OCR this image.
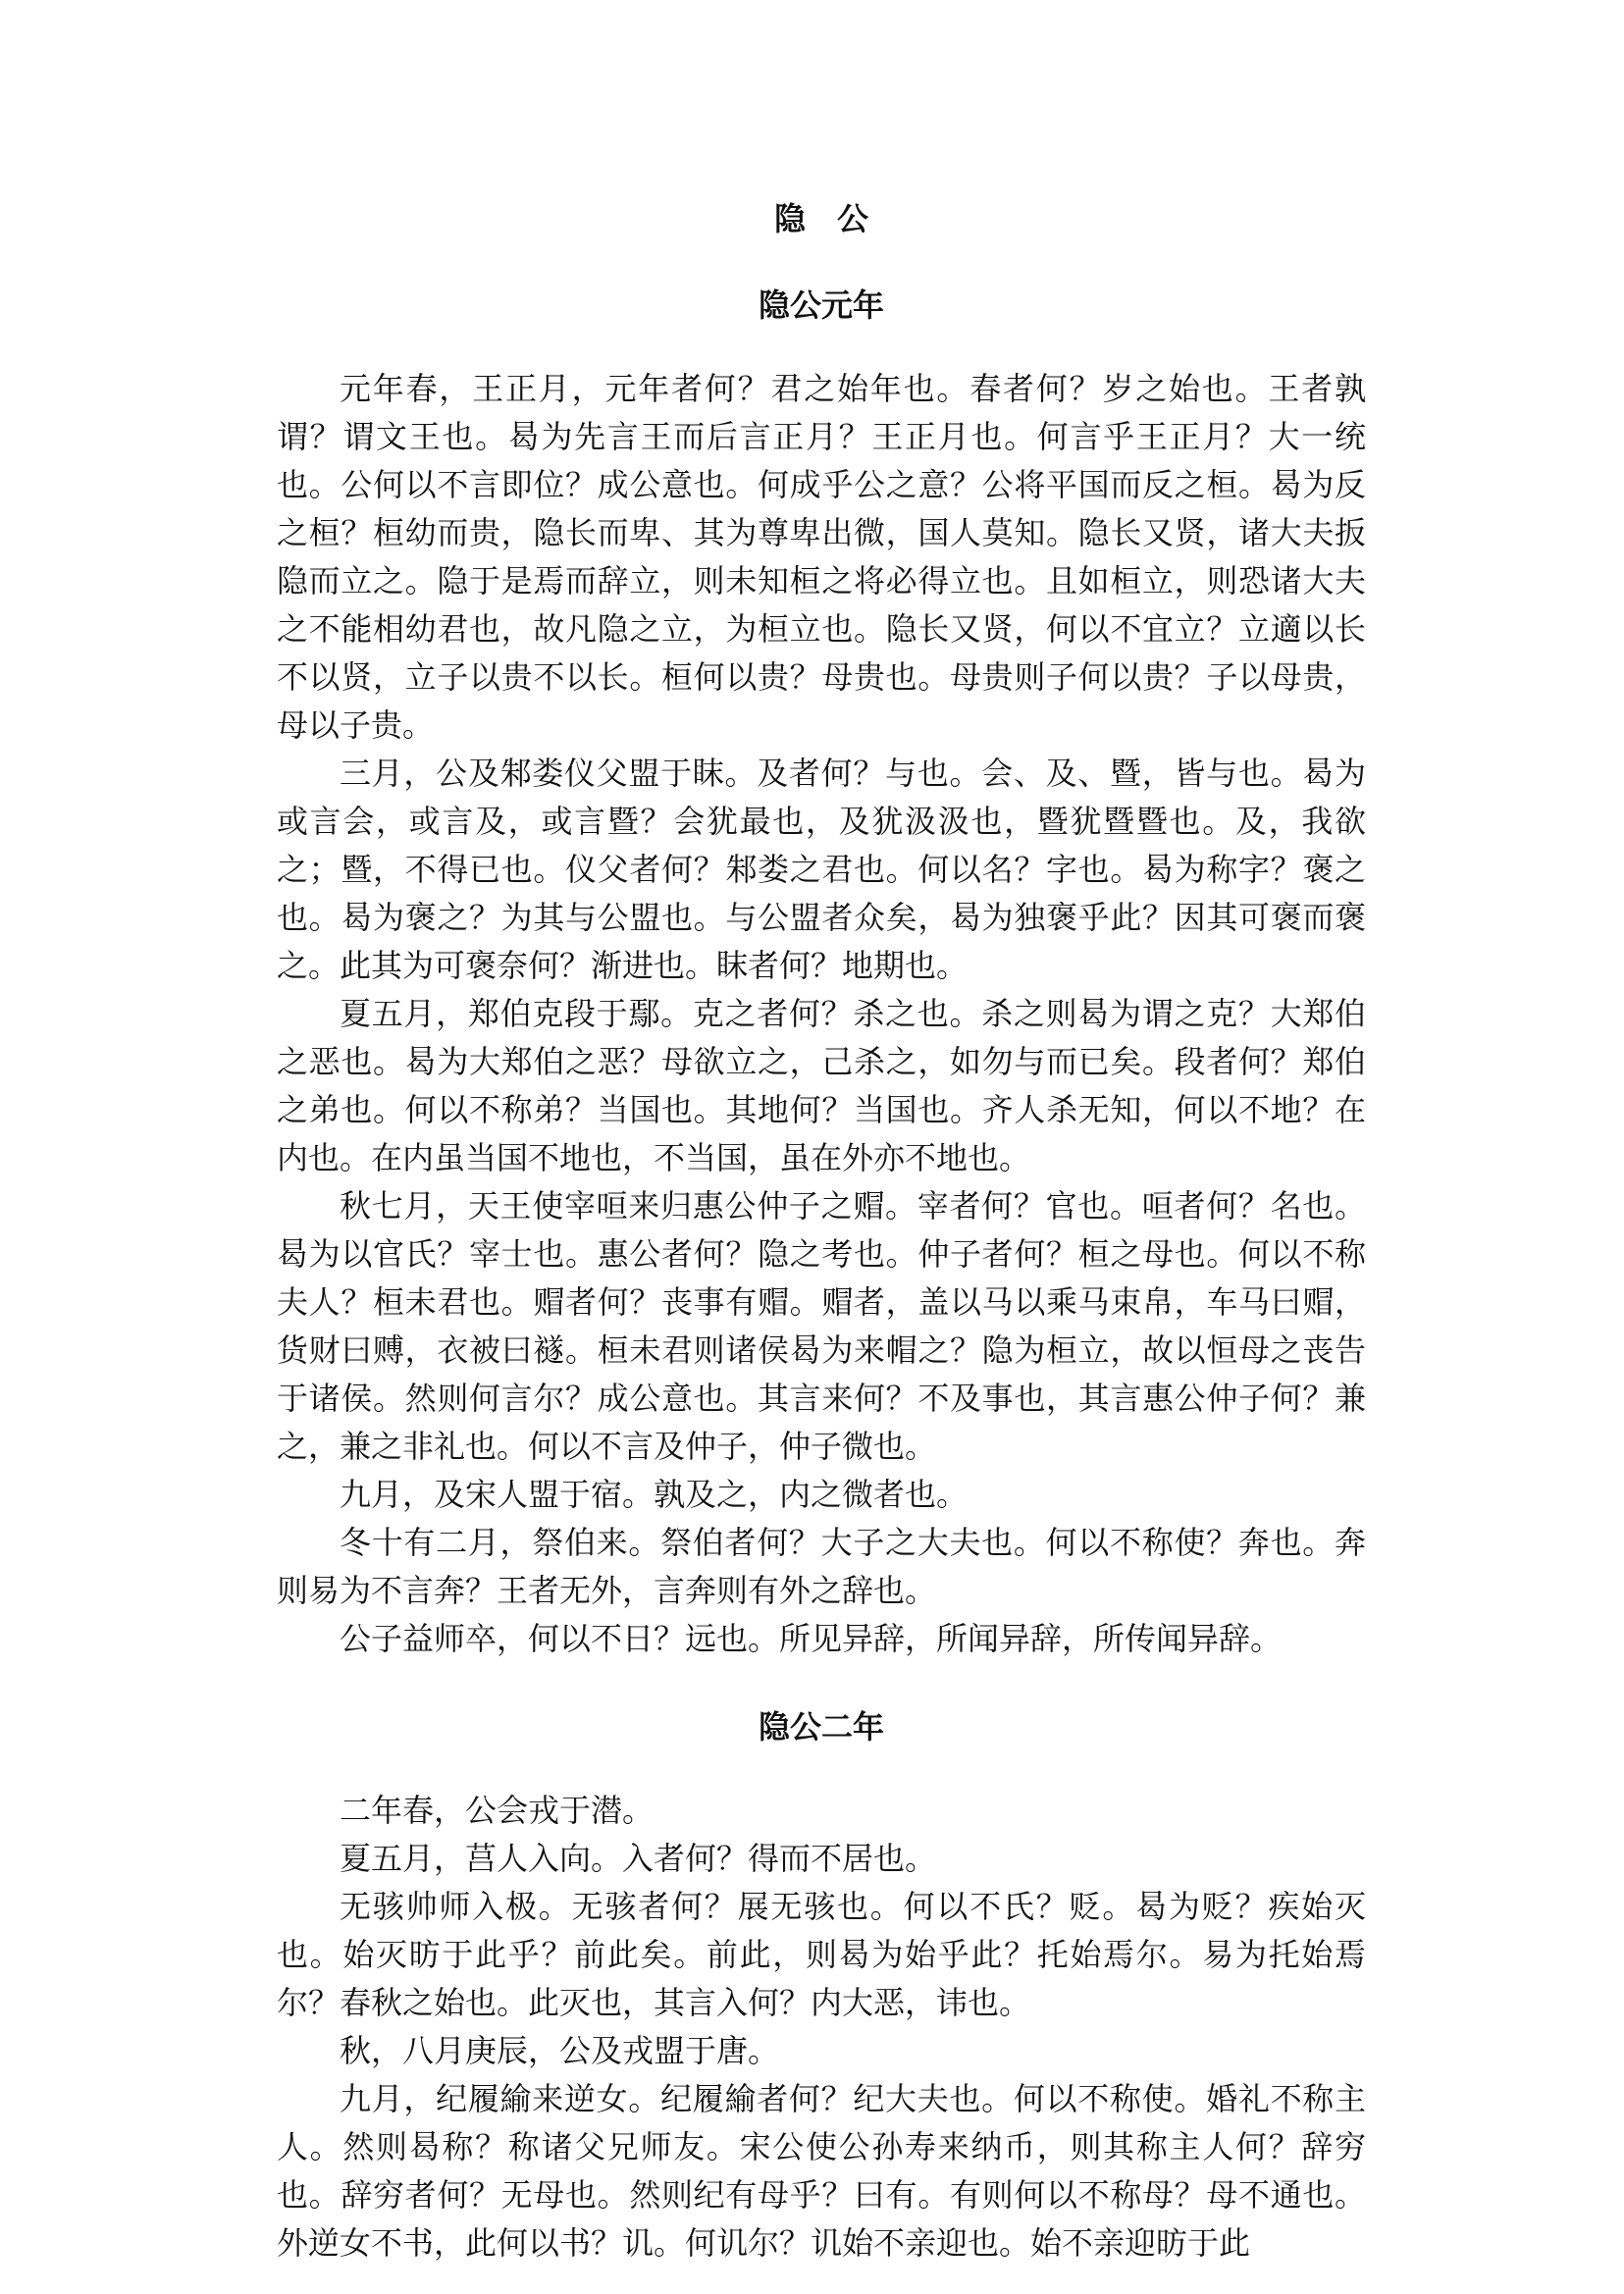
隐　公
隐公元年

元年春，王正月，元年者何？君之始年也。春者何？岁之始也。王者孰谓？谓文王也。曷为先言王而后言正月？王正月也。何言乎王正月？大一统也。公何以不言即位？成公意也。何成乎公之意？公将平国而反之桓。曷为反之桓？桓幼而贵，隐长而卑、其为尊卑出微，国人莫知。隐长又贤，诸大夫扳隐而立之。隐于是焉而辞立，则未知桓之将必得立也。且如桓立，则恐诸大夫之不能相幼君也，故凡隐之立，为桓立也。隐长又贤，何以不宜立？立適以长不以贤，立子以贵不以长。桓何以贵？母贵也。母贵则子何以贵？子以母贵，母以子贵。

三月，公及邾娄仪父盟于眜。及者何？与也。会、及、暨，皆与也。曷为或言会，或言及，或言暨？会犹最也，及犹汲汲也，暨犹暨暨也。及，我欲之；暨，不得已也。仪父者何？邾娄之君也。何以名？字也。曷为称字？褒之也。曷为褒之？为其与公盟也。与公盟者众矣，曷为独褒乎此？因其可褒而褒之。此其为可褒奈何？渐进也。眜者何？地期也。

夏五月，郑伯克段于鄢。克之者何？杀之也。杀之则曷为谓之克？大郑伯之恶也。曷为大郑伯之恶？母欲立之，己杀之，如勿与而已矣。段者何？郑伯之弟也。何以不称弟？当国也。其地何？当国也。齐人杀无知，何以不地？在内也。在内虽当国不地也，不当国，虽在外亦不地也。

秋七月，天王使宰咺来归惠公仲子之赗。宰者何？官也。咺者何？名也。曷为以官氏？宰士也。惠公者何？隐之考也。仲子者何？桓之母也。何以不称夫人？桓未君也。赗者何？丧事有赗。赗者，盖以马以乘马束帛，车马曰赗，货财曰赙，衣被曰襚。桓未君则诸侯曷为来帽之？隐为桓立，故以恒母之丧告于诸侯。然则何言尔？成公意也。其言来何？不及事也，其言惠公仲子何？兼之，兼之非礼也。何以不言及仲子，仲子微也。

九月，及宋人盟于宿。孰及之，内之微者也。

冬十有二月，祭伯来。祭伯者何？大子之大夫也。何以不称使？奔也。奔则易为不言奔？王者无外，言奔则有外之辞也。

公子益师卒，何以不日？远也。所见异辞，所闻异辞，所传闻异辞。

隐公二年

二年春，公会戎于潜。

夏五月，莒人入向。入者何？得而不居也。

无骇帅师入极。无骇者何？展无骇也。何以不氏？贬。曷为贬？疾始灭也。始灭昉于此乎？前此矣。前此，则曷为始乎此？托始焉尔。易为托始焉尔？春秋之始也。此灭也，其言入何？内大恶，讳也。

秋，八月庚辰，公及戎盟于唐。

九月，纪履緰来逆女。纪履緰者何？纪大夫也。何以不称使。婚礼不称主人。然则曷称？称诸父兄师友。宋公使公孙寿来纳币，则其称主人何？辞穷也。辞穷者何？无母也。然则纪有母乎？曰有。有则何以不称母？母不通也。外逆女不书，此何以书？讥。何讥尔？讥始不亲迎也。始不亲迎昉于此
